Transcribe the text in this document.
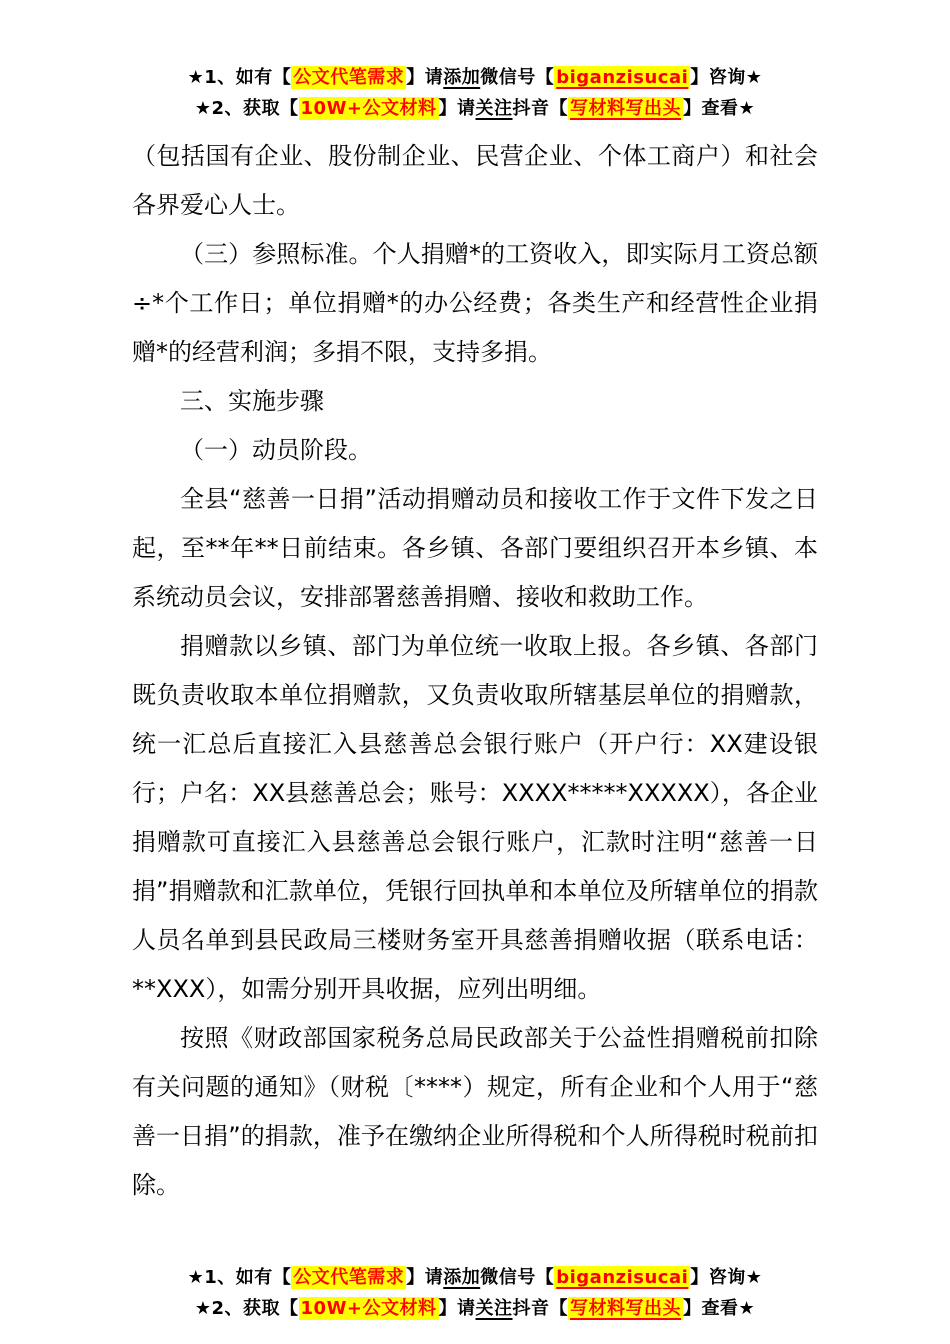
★1、如有【 公文代笔需求 】请添加微信号【 biganzisucai 】咨询★
★2、获取【 10W+公文材料 】请关注抖音【 写材料写出头 】查看★

（包括国有企业、股份制企业、民营企业、个体工商户）和社会各界爱心人士。

（三）参照标准。个人捐赠*的工资收入，即实际月工资总额÷*个工作日；单位捐赠*的办公经费；各类生产和经营性企业捐赠*的经营利润；多捐不限，支持多捐。

三、实施步骤

（一）动员阶段。

全县“慈善一日捐”活动捐赠动员和接收工作于文件下发之日起，至**年**日前结束。各乡镇、各部门要组织召开本乡镇、本系统动员会议，安排部署慈善捐赠、接收和救助工作。

捐赠款以乡镇、部门为单位统一收取上报。各乡镇、各部门既负责收取本单位捐赠款，又负责收取所辖基层单位的捐赠款，统一汇总后直接汇入县慈善总会银行账户（开户行：XX建设银行；户名：XX县慈善总会；账号：XXXX*****XXXXX），各企业捐赠款可直接汇入县慈善总会银行账户，汇款时注明“慈善一日捐”捐赠款和汇款单位，凭银行回执单和本单位及所辖单位的捐款人员名单到县民政局三楼财务室开具慈善捐赠收据（联系电话：**XXX），如需分别开具收据，应列出明细。

按照《财政部国家税务总局民政部关于公益性捐赠税前扣除有关问题的通知》（财税〔****）规定，所有企业和个人用于“慈善一日捐”的捐款，准予在缴纳企业所得税和个人所得税时税前扣除。

★1、如有【 公文代笔需求 】请添加微信号【 biganzisucai 】咨询★
★2、获取【 10W+公文材料 】请关注抖音【 写材料写出头 】查看★
